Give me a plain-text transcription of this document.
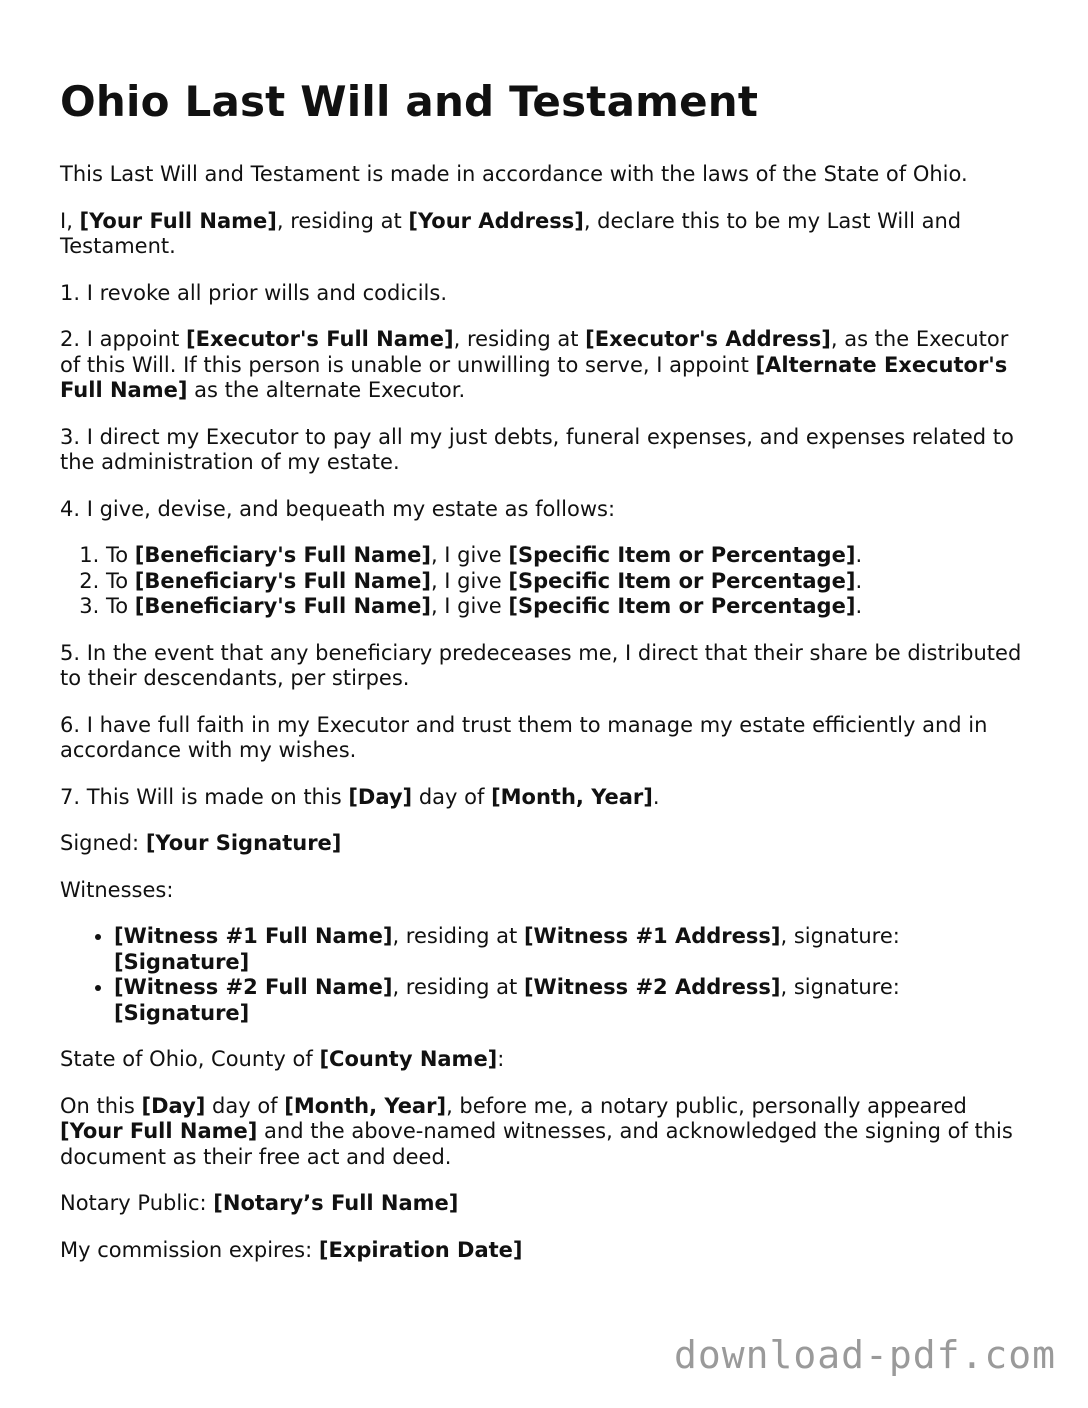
Ohio Last Will and Testament

This Last Will and Testament is made in accordance with the laws of the State of Ohio.

I, [Your Full Name], residing at [Your Address], declare this to be my Last Will and Testament.

1. I revoke all prior wills and codicils.

2. I appoint [Executor's Full Name], residing at [Executor's Address], as the Executor of this Will. If this person is unable or unwilling to serve, I appoint [Alternate Executor's Full Name] as the alternate Executor.

3. I direct my Executor to pay all my just debts, funeral expenses, and expenses related to the administration of my estate.

4. I give, devise, and bequeath my estate as follows:

1. To [Beneficiary's Full Name], I give [Specific Item or Percentage].
2. To [Beneficiary's Full Name], I give [Specific Item or Percentage].
3. To [Beneficiary's Full Name], I give [Specific Item or Percentage].

5. In the event that any beneficiary predeceases me, I direct that their share be distributed to their descendants, per stirpes.

6. I have full faith in my Executor and trust them to manage my estate efficiently and in accordance with my wishes.

7. This Will is made on this [Day] day of [Month, Year].

Signed: [Your Signature]

Witnesses:

• [Witness #1 Full Name], residing at [Witness #1 Address], signature: [Signature]
• [Witness #2 Full Name], residing at [Witness #2 Address], signature: [Signature]

State of Ohio, County of [County Name]:

On this [Day] day of [Month, Year], before me, a notary public, personally appeared [Your Full Name] and the above-named witnesses, and acknowledged the signing of this document as their free act and deed.

Notary Public: [Notary’s Full Name]

My commission expires: [Expiration Date]

download-pdf.com
